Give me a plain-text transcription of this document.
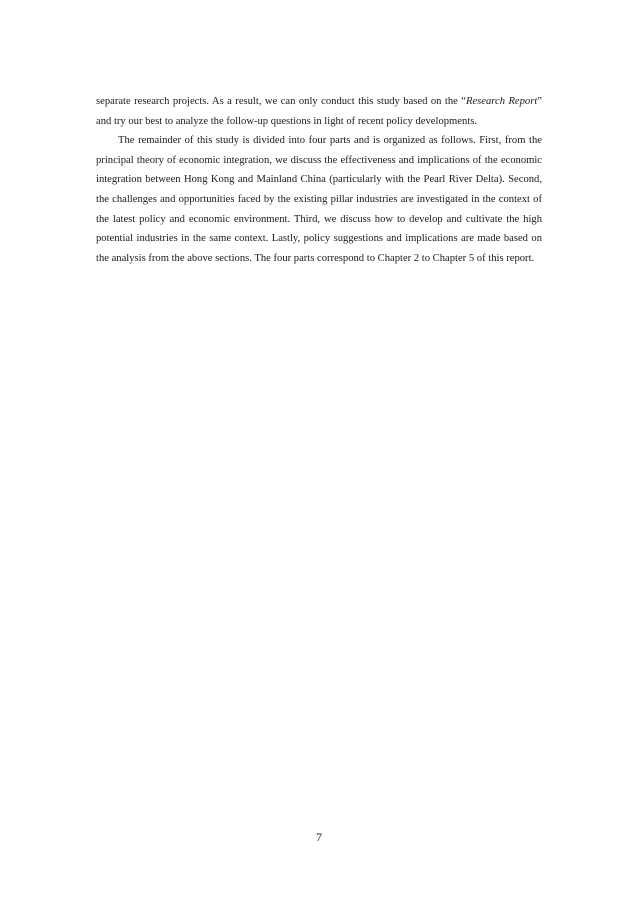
separate research projects. As a result, we can only conduct this study based on the “Research Report” and try our best to analyze the follow-up questions in light of recent policy developments.

The remainder of this study is divided into four parts and is organized as follows. First, from the principal theory of economic integration, we discuss the effectiveness and implications of the economic integration between Hong Kong and Mainland China (particularly with the Pearl River Delta). Second, the challenges and opportunities faced by the existing pillar industries are investigated in the context of the latest policy and economic environment. Third, we discuss how to develop and cultivate the high potential industries in the same context. Lastly, policy suggestions and implications are made based on the analysis from the above sections. The four parts correspond to Chapter 2 to Chapter 5 of this report.

7
